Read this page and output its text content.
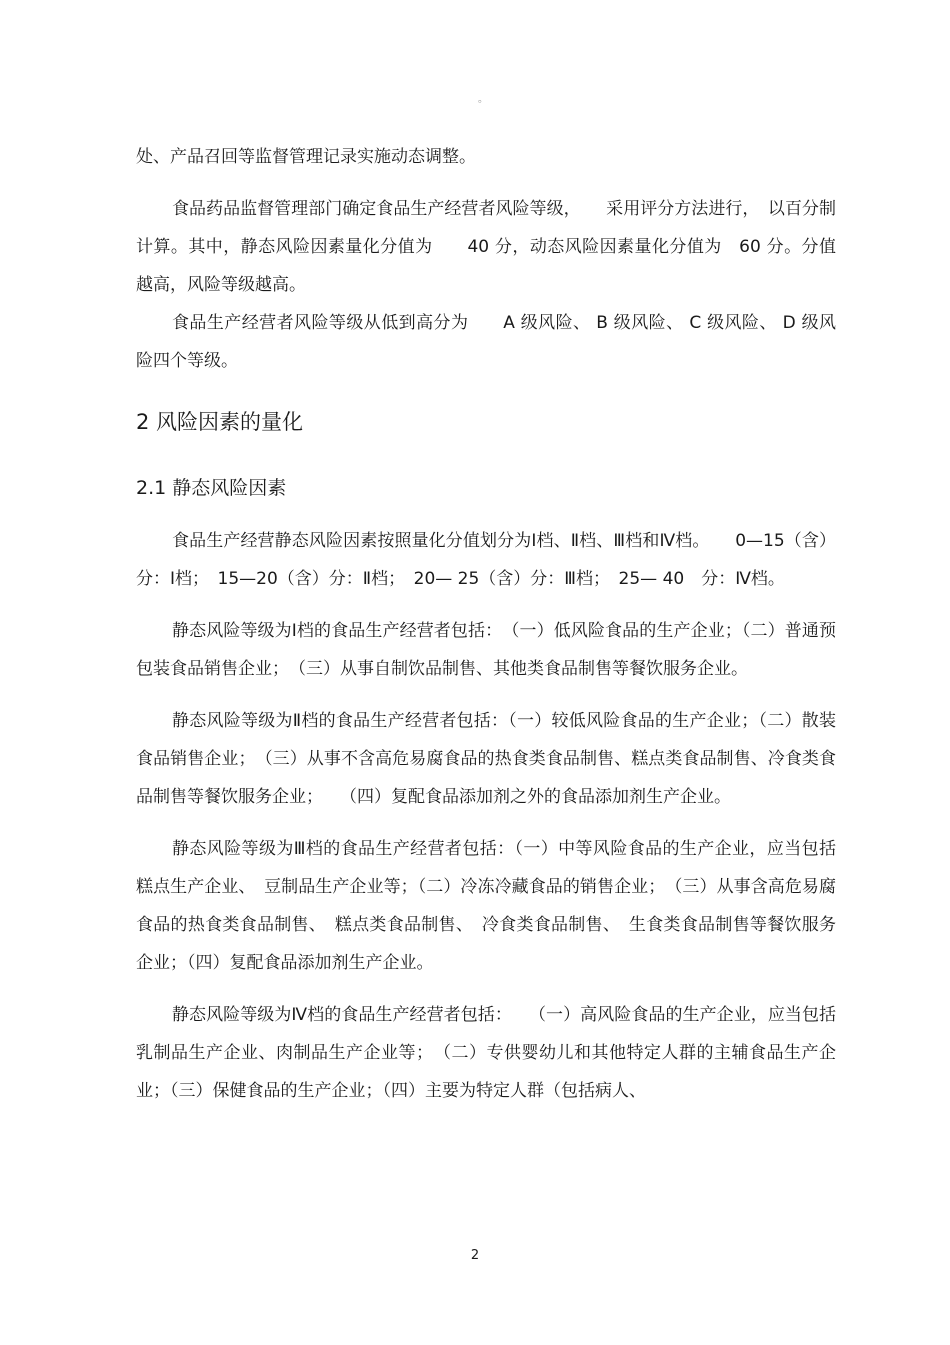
。

处、产品召回等监督管理记录实施动态调整。

食品药品监督管理部门确定食品生产经营者风险等级，　　采用评分方法进行，　以百分制计算。其中，静态风险因素量化分值为　　40 分，动态风险因素量化分值为　60 分。分值越高，风险等级越高。

食品生产经营者风险等级从低到高分为　　A 级风险、 B 级风险、 C 级风险、 D 级风险四个等级。

2 风险因素的量化
2.1 静态风险因素

食品生产经营静态风险因素按照量化分值划分为Ⅰ档、Ⅱ档、Ⅲ档和Ⅳ档。　　0—15（含）分：Ⅰ档；　15—20（含）分：Ⅱ档；　20— 25（含）分：Ⅲ档；　25— 40　分：Ⅳ档。

静态风险等级为Ⅰ档的食品生产经营者包括：　（一）低风险食品的生产企业；（二）普通预包装食品销售企业；　（三）从事自制饮品制售、其他类食品制售等餐饮服务企业。

静态风险等级为Ⅱ档的食品生产经营者包括：（一）较低风险食品的生产企业；（二）散装食品销售企业；　（三）从事不含高危易腐食品的热食类食品制售、糕点类食品制售、冷食类食品制售等餐饮服务企业；　　（四）复配食品添加剂之外的食品添加剂生产企业。

静态风险等级为Ⅲ档的食品生产经营者包括：（一）中等风险食品的生产企业，应当包括糕点生产企业、　豆制品生产企业等；（二）冷冻冷藏食品的销售企业；　（三）从事含高危易腐食品的热食类食品制售、　糕点类食品制售、　冷食类食品制售、　生食类食品制售等餐饮服务企业；（四）复配食品添加剂生产企业。

静态风险等级为Ⅳ档的食品生产经营者包括：　　（一）高风险食品的生产企业，应当包括乳制品生产企业、肉制品生产企业等；　（二）专供婴幼儿和其他特定人群的主辅食品生产企业；（三）保健食品的生产企业；（四）主要为特定人群（包括病人、

2
